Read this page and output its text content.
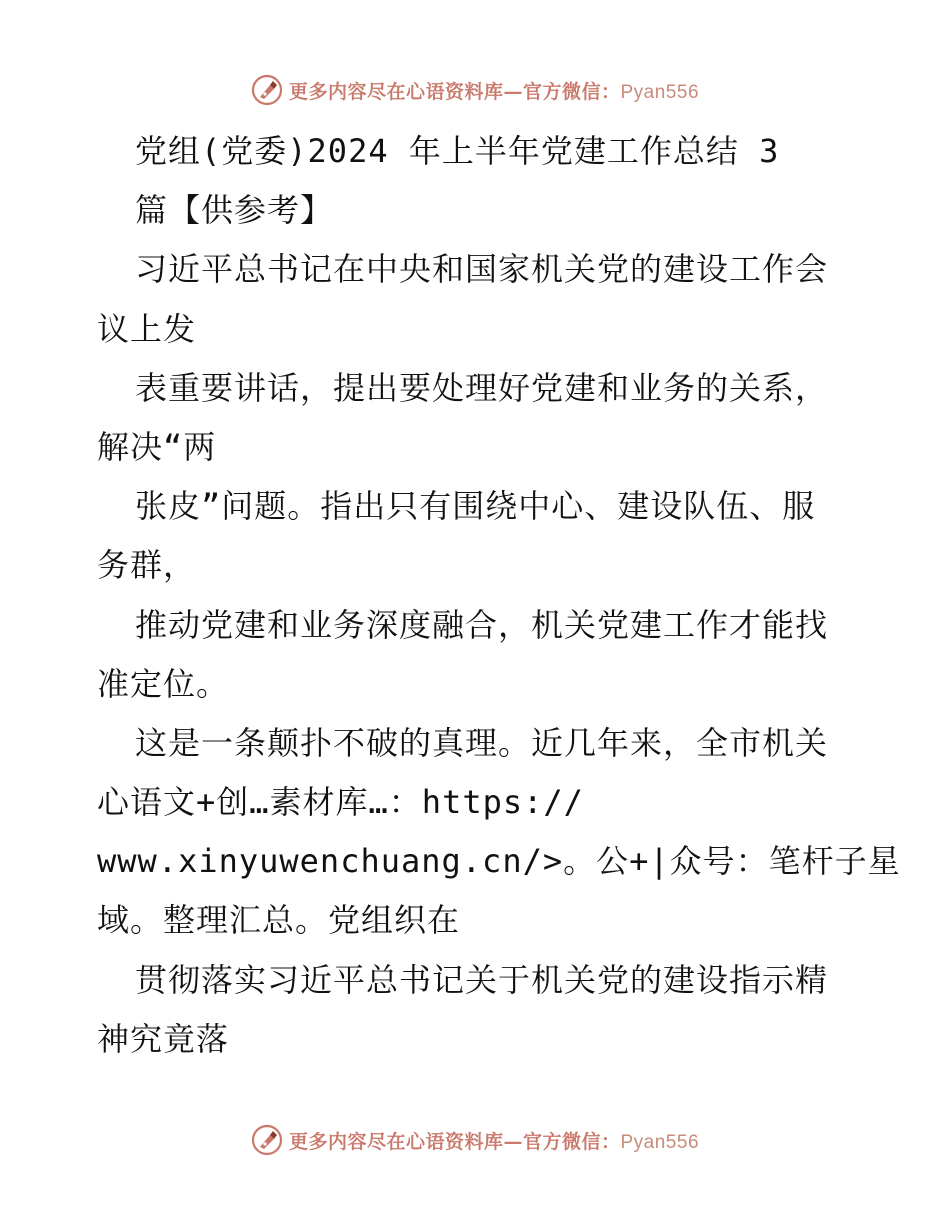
更多内容尽在心语资料库—官方微信：Pyan556
党组(党委)2024 年上半年党建工作总结 3
篇【供参考】
习近平总书记在中央和国家机关党的建设工作会
议上发
表重要讲话，提出要处理好党建和业务的关系，
解决“两
张皮”问题。指出只有围绕中心、建设队伍、服
务群，
推动党建和业务深度融合，机关党建工作才能找
准定位。
这是一条颠扑不破的真理。近几年来，全市机关
心语文+创…素材库…：https://
www.xinyuwenchuang.cn/>。公+|众号：笔杆子星
域。整理汇总。党组织在
贯彻落实习近平总书记关于机关党的建设指示精
神究竟落
更多内容尽在心语资料库—官方微信：Pyan556
